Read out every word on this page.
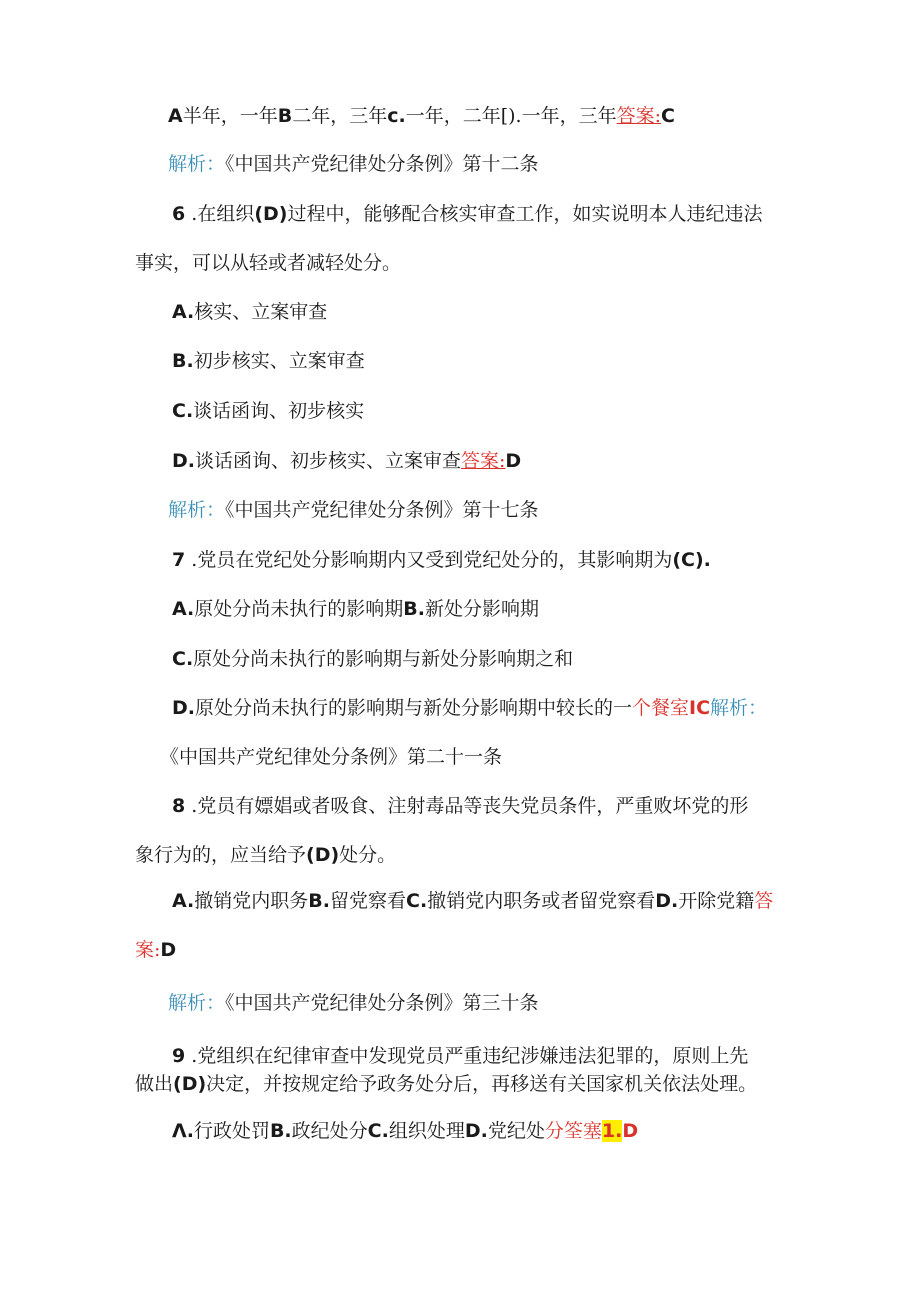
A半年，一年B二年，三年c.一年，二年[).一年，三年答案:C
解析：《中国共产党纪律处分条例》第十二条
6 .在组织(D)过程中，能够配合核实审查工作，如实说明本人违纪违法
事实，可以从轻或者减轻处分。
A.核实、立案审查
B.初步核实、立案审查
C.谈话函询、初步核实
D.谈话函询、初步核实、立案审查答案:D
解析：《中国共产党纪律处分条例》第十七条
7 .党员在党纪处分影响期内又受到党纪处分的，其影响期为(C).
A.原处分尚未执行的影响期B.新处分影响期
C.原处分尚未执行的影响期与新处分影响期之和
D.原处分尚未执行的影响期与新处分影响期中较长的一个餐室IC解析：
《中国共产党纪律处分条例》第二十一条
8 .党员有嫖娼或者吸食、注射毒品等丧失党员条件，严重败坏党的形
象行为的，应当给予(D)处分。
A.撤销党内职务B.留党察看C.撤销党内职务或者留党察看D.开除党籍答
案:D
解析：《中国共产党纪律处分条例》第三十条
9 .党组织在纪律审查中发现党员严重违纪涉嫌违法犯罪的，原则上先
做出(D)决定，并按规定给予政务处分后，再移送有关国家机关依法处理。
Λ.行政处罚B.政纪处分C.组织处理D.党纪处分筌塞1.D
